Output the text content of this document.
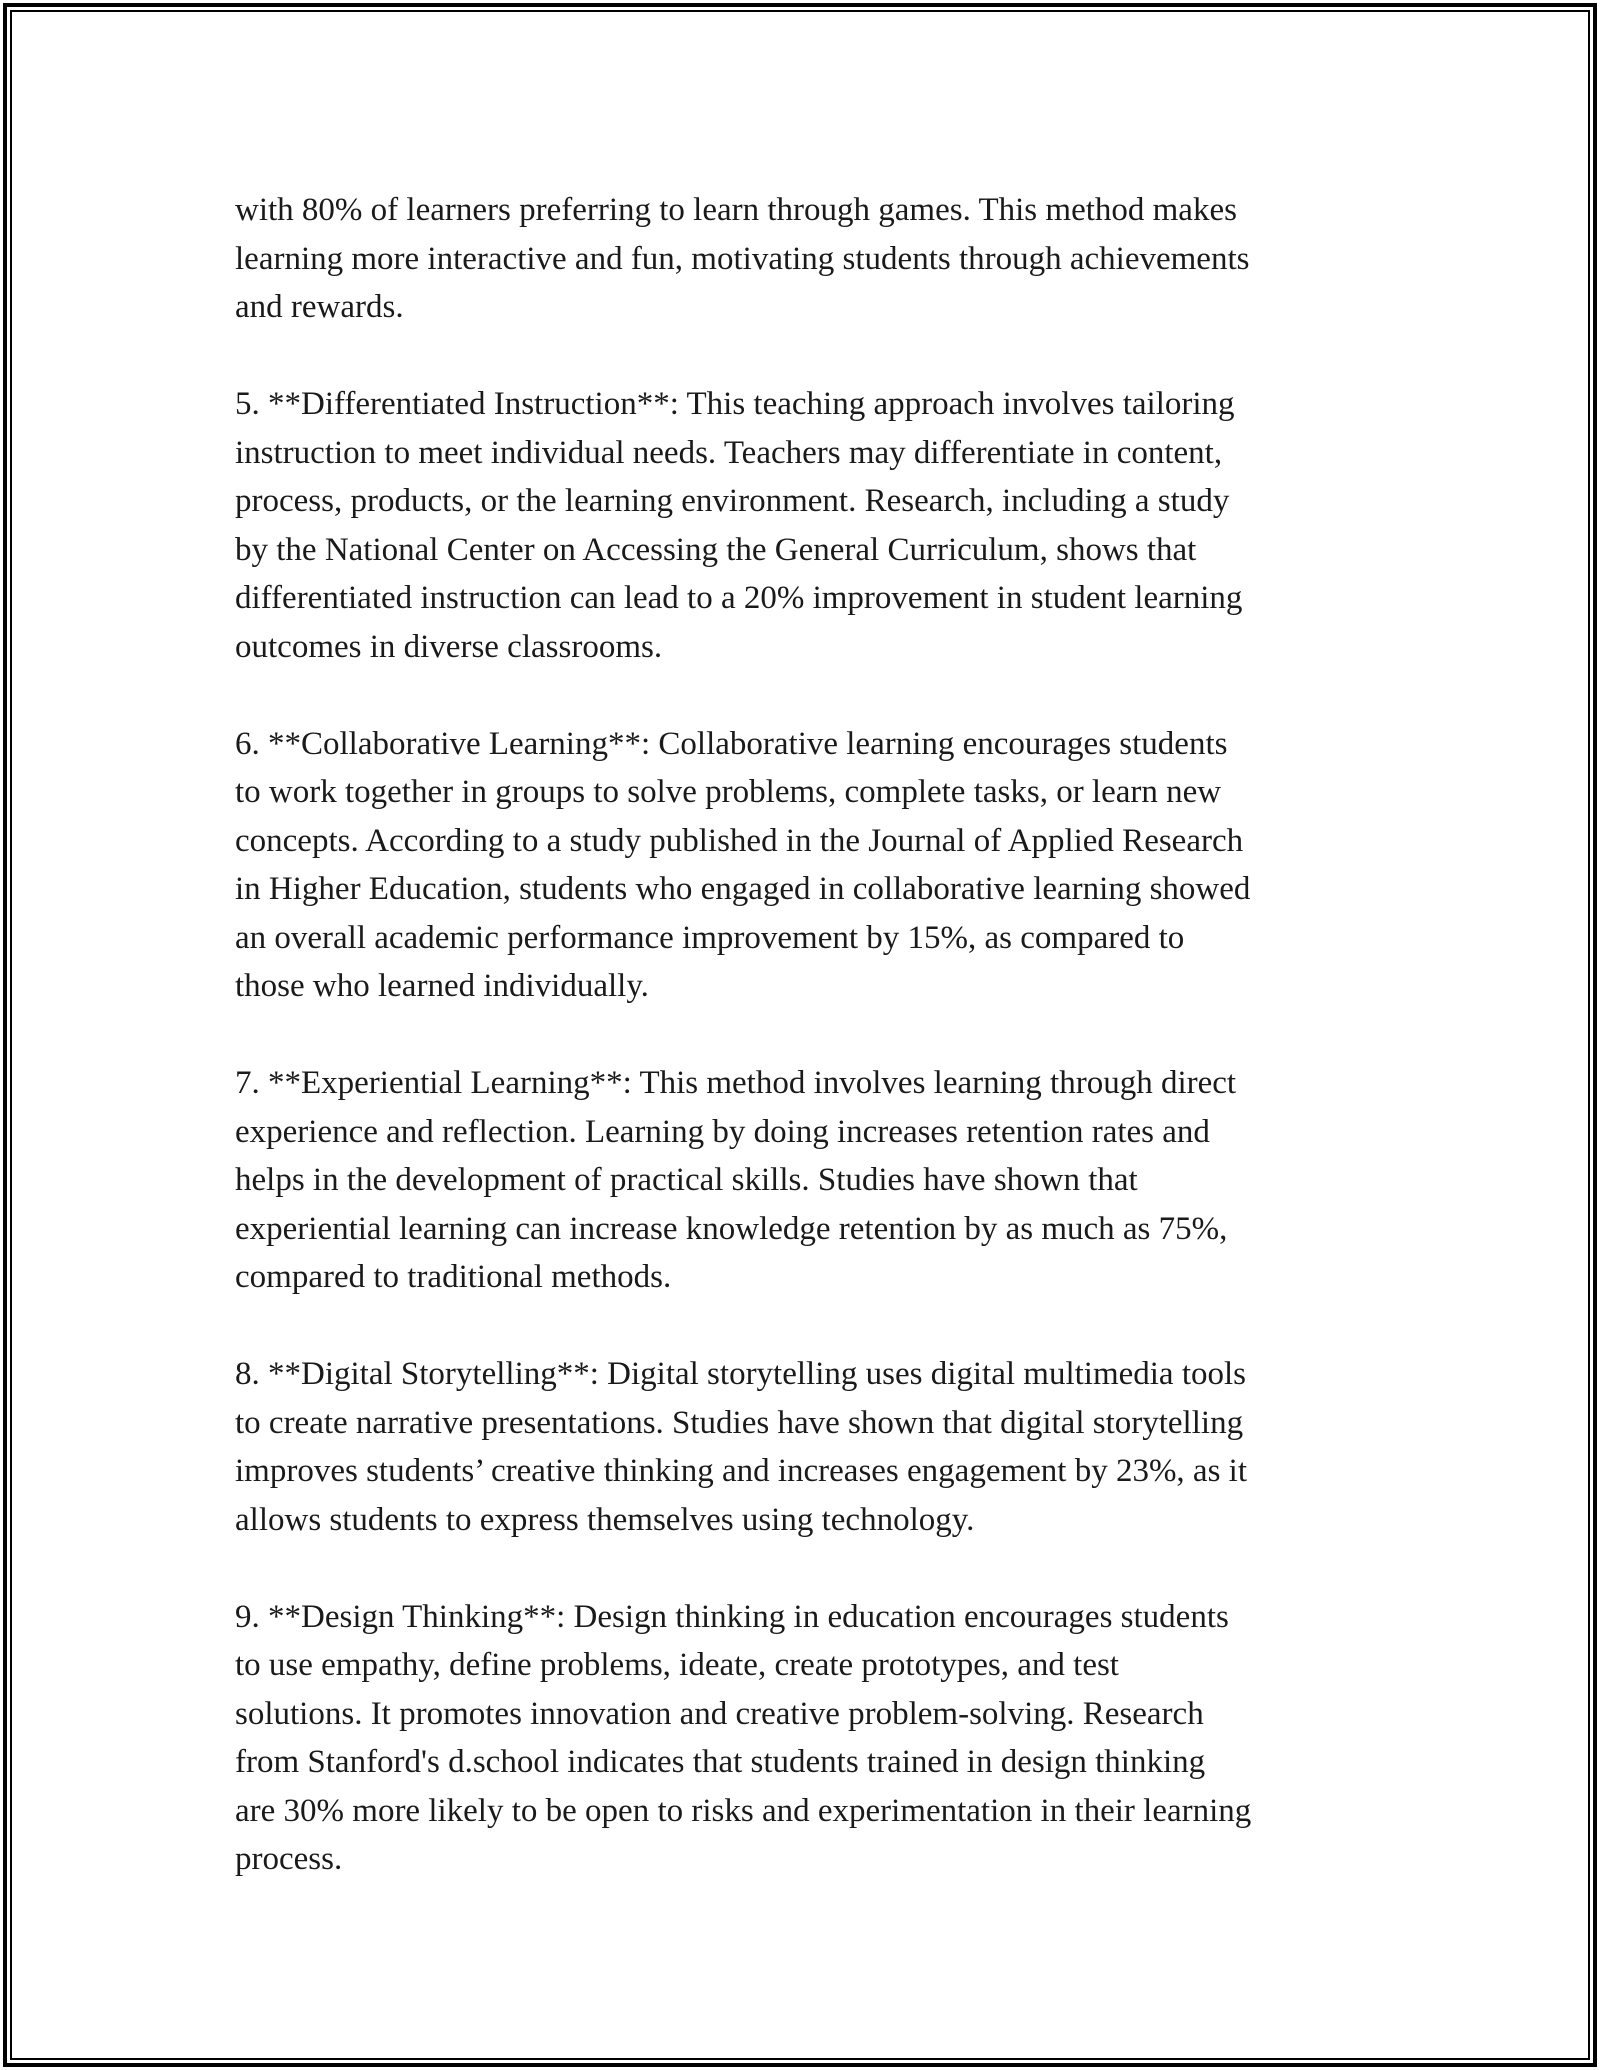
with 80% of learners preferring to learn through games. This method makes
learning more interactive and fun, motivating students through achievements
and rewards.

5. **Differentiated Instruction**: This teaching approach involves tailoring
instruction to meet individual needs. Teachers may differentiate in content,
process, products, or the learning environment. Research, including a study
by the National Center on Accessing the General Curriculum, shows that
differentiated instruction can lead to a 20% improvement in student learning
outcomes in diverse classrooms.

6. **Collaborative Learning**: Collaborative learning encourages students
to work together in groups to solve problems, complete tasks, or learn new
concepts. According to a study published in the Journal of Applied Research
in Higher Education, students who engaged in collaborative learning showed
an overall academic performance improvement by 15%, as compared to
those who learned individually.

7. **Experiential Learning**: This method involves learning through direct
experience and reflection. Learning by doing increases retention rates and
helps in the development of practical skills. Studies have shown that
experiential learning can increase knowledge retention by as much as 75%,
compared to traditional methods.

8. **Digital Storytelling**: Digital storytelling uses digital multimedia tools
to create narrative presentations. Studies have shown that digital storytelling
improves students’ creative thinking and increases engagement by 23%, as it
allows students to express themselves using technology.

9. **Design Thinking**: Design thinking in education encourages students
to use empathy, define problems, ideate, create prototypes, and test
solutions. It promotes innovation and creative problem-solving. Research
from Stanford's d.school indicates that students trained in design thinking
are 30% more likely to be open to risks and experimentation in their learning
process.
